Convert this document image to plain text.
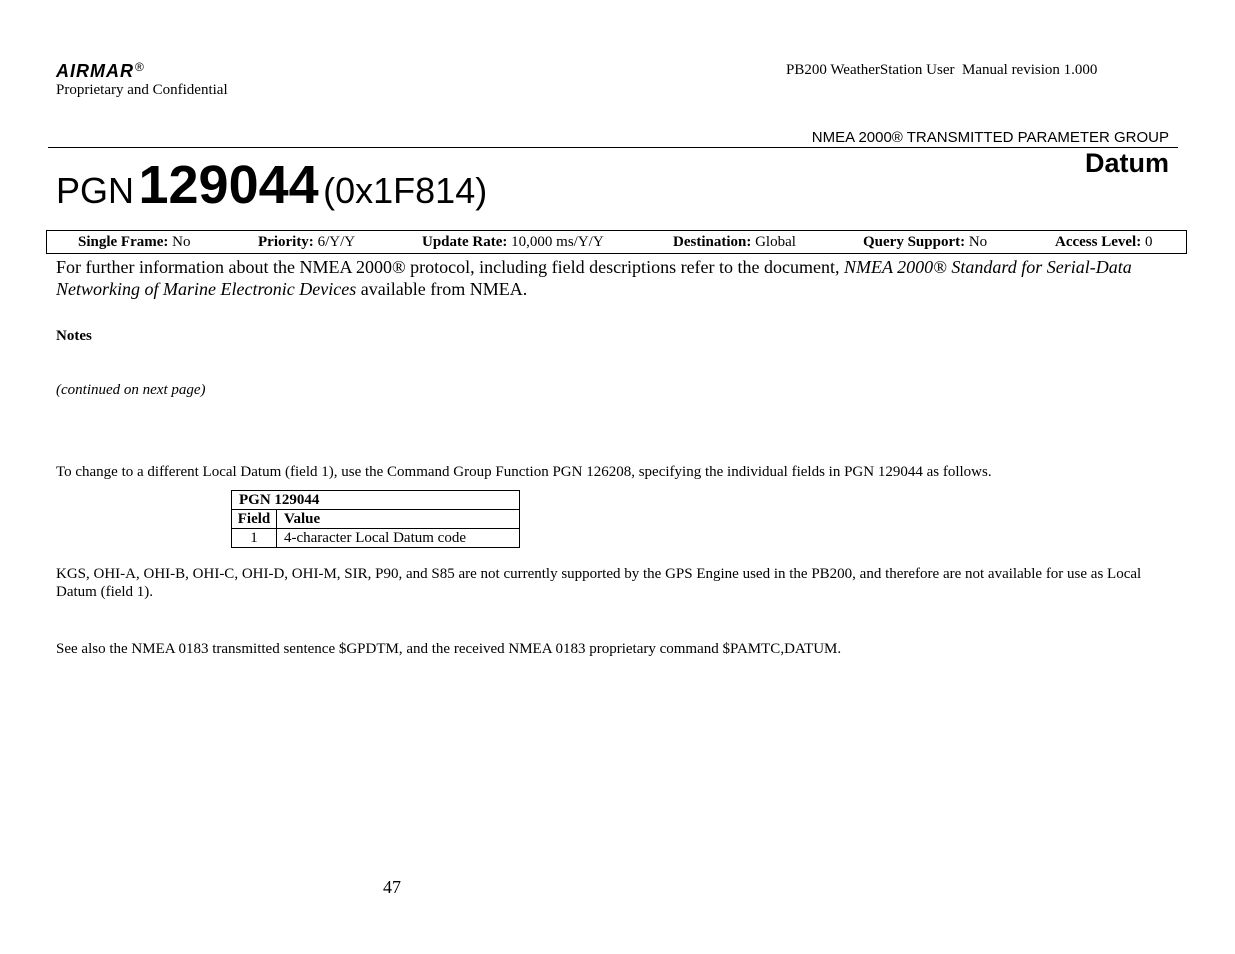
AIRMAR®
Proprietary and Confidential
PB200 WeatherStation User  Manual revision 1.000
NMEA 2000® TRANSMITTED PARAMETER GROUP
PGN 129044 (0x1F814)
Datum
Single Frame: No	Priority: 6/Y/Y	Update Rate: 10,000 ms/Y/Y	Destination: Global	Query Support: No	Access Level: 0
For further information about the NMEA 2000® protocol, including field descriptions refer to the document, NMEA 2000® Standard for Serial-Data Networking of Marine Electronic Devices available from NMEA.
Notes
(continued on next page)
To change to a different Local Datum (field 1), use the Command Group Function PGN 126208, specifying the individual fields in PGN 129044 as follows.
PGN 129044	
Field	Value
1	4-character Local Datum code
KGS, OHI-A, OHI-B, OHI-C, OHI-D, OHI-M, SIR, P90, and S85 are not currently supported by the GPS Engine used in the PB200, and therefore are not available for use as Local Datum (field 1).
See also the NMEA 0183 transmitted sentence $GPDTM, and the received NMEA 0183 proprietary command $PAMTC,DATUM.
47
